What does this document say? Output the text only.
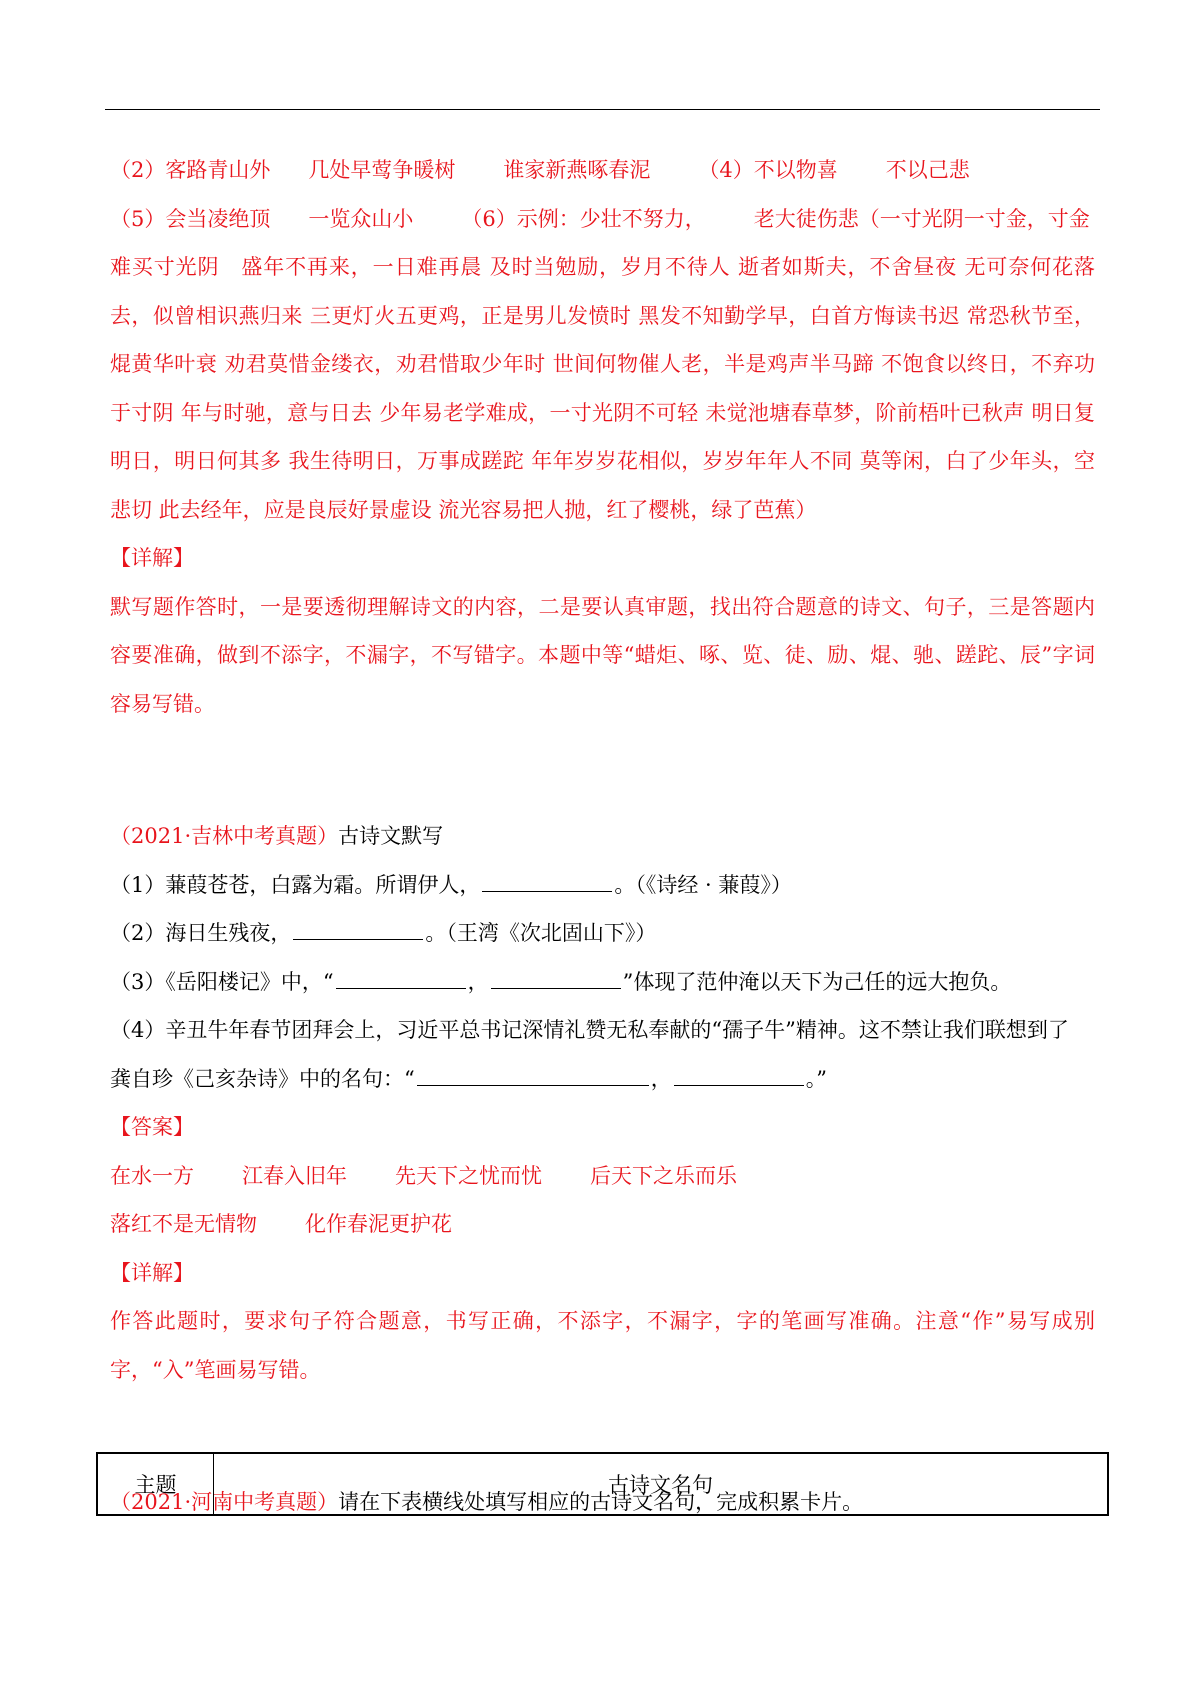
（2）客路青山外 几处早莺争暖树 谁家新燕啄春泥 （4）不以物喜 不以己悲

（5）会当凌绝顶 一览众山小 （6）示例：少壮不努力， 老大徒伤悲（一寸光阴一寸金，寸金

难买寸光阴　盛年不再来，一日难再晨 及时当勉励，岁月不待人 逝者如斯夫，不舍昼夜 无可奈何花落去，似曾相识燕归来 三更灯火五更鸡，正是男儿发愤时 黑发不知勤学早，白首方悔读书迟 常恐秋节至，焜黄华叶衰 劝君莫惜金缕衣，劝君惜取少年时 世间何物催人老，半是鸡声半马蹄 不饱食以终日，不弃功于寸阴 年与时驰，意与日去 少年易老学难成，一寸光阴不可轻 未觉池塘春草梦，阶前梧叶已秋声 明日复明日，明日何其多 我生待明日，万事成蹉跎 年年岁岁花相似，岁岁年年人不同 莫等闲，白了少年头，空悲切 此去经年，应是良辰好景虚设 流光容易把人抛，红了樱桃，绿了芭蕉）

【详解】

默写题作答时，一是要透彻理解诗文的内容，二是要认真审题，找出符合题意的诗文、句子，三是答题内容要准确，做到不添字，不漏字，不写错字。本题中等“蜡炬、啄、览、徒、励、焜、驰、蹉跎、辰”字词容易写错。

（2021·吉林中考真题）古诗文默写

（1）蒹葭苍苍，白露为霜。所谓伊人，	。（《诗经 · 蒹葭》）

（2）海日生残夜，	。（王湾《次北固山下》）

（3）《岳阳楼记》中，“	，	”体现了范仲淹以天下为己任的远大抱负。

（4）辛丑牛年春节团拜会上，习近平总书记深情礼赞无私奉献的“孺子牛”精神。这不禁让我们联想到了

龚自珍《己亥杂诗》中的名句：“	，	。”

【答案】

在水一方 江春入旧年 先天下之忧而忧 后天下之乐而乐

落红不是无情物 化作春泥更护花

【详解】

作答此题时，要求句子符合题意，书写正确，不添字，不漏字，字的笔画写准确。注意“作”易写成别字，“入”笔画易写错。

（2021·河南中考真题）请在下表横线处填写相应的古诗文名句，完成积累卡片。

主题	古诗文名句
